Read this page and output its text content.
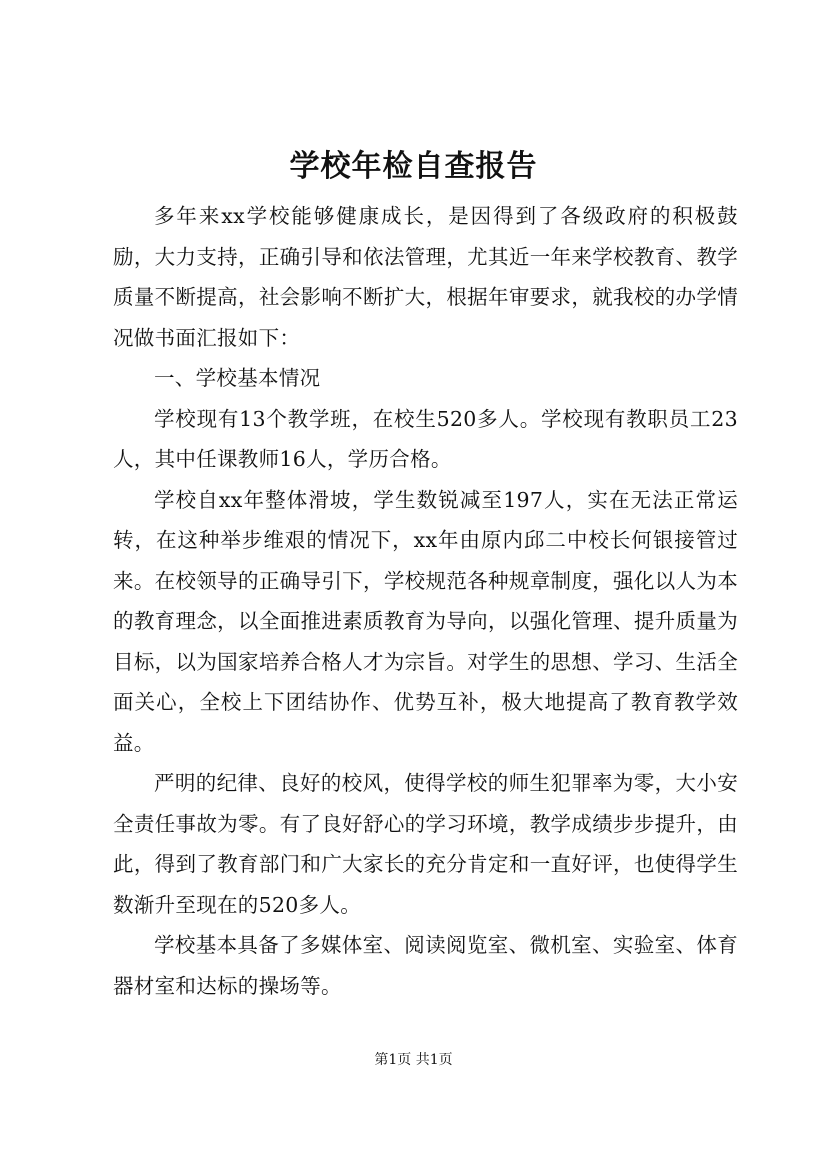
学校年检自查报告

多年来xx学校能够健康成长，是因得到了各级政府的积极鼓励，大力支持，正确引导和依法管理，尤其近一年来学校教育、教学质量不断提高，社会影响不断扩大，根据年审要求，就我校的办学情况做书面汇报如下：

一、学校基本情况

学校现有13个教学班，在校生520多人。学校现有教职员工23人，其中任课教师16人，学历合格。

学校自xx年整体滑坡，学生数锐减至197人，实在无法正常运转，在这种举步维艰的情况下，xx年由原内邱二中校长何银接管过来。在校领导的正确导引下，学校规范各种规章制度，强化以人为本的教育理念，以全面推进素质教育为导向，以强化管理、提升质量为目标，以为国家培养合格人才为宗旨。对学生的思想、学习、生活全面关心，全校上下团结协作、优势互补，极大地提高了教育教学效益。

严明的纪律、良好的校风，使得学校的师生犯罪率为零，大小安全责任事故为零。有了良好舒心的学习环境，教学成绩步步提升，由此，得到了教育部门和广大家长的充分肯定和一直好评，也使得学生数渐升至现在的520多人。

学校基本具备了多媒体室、阅读阅览室、微机室、实验室、体育器材室和达标的操场等。

第1页 共1页
